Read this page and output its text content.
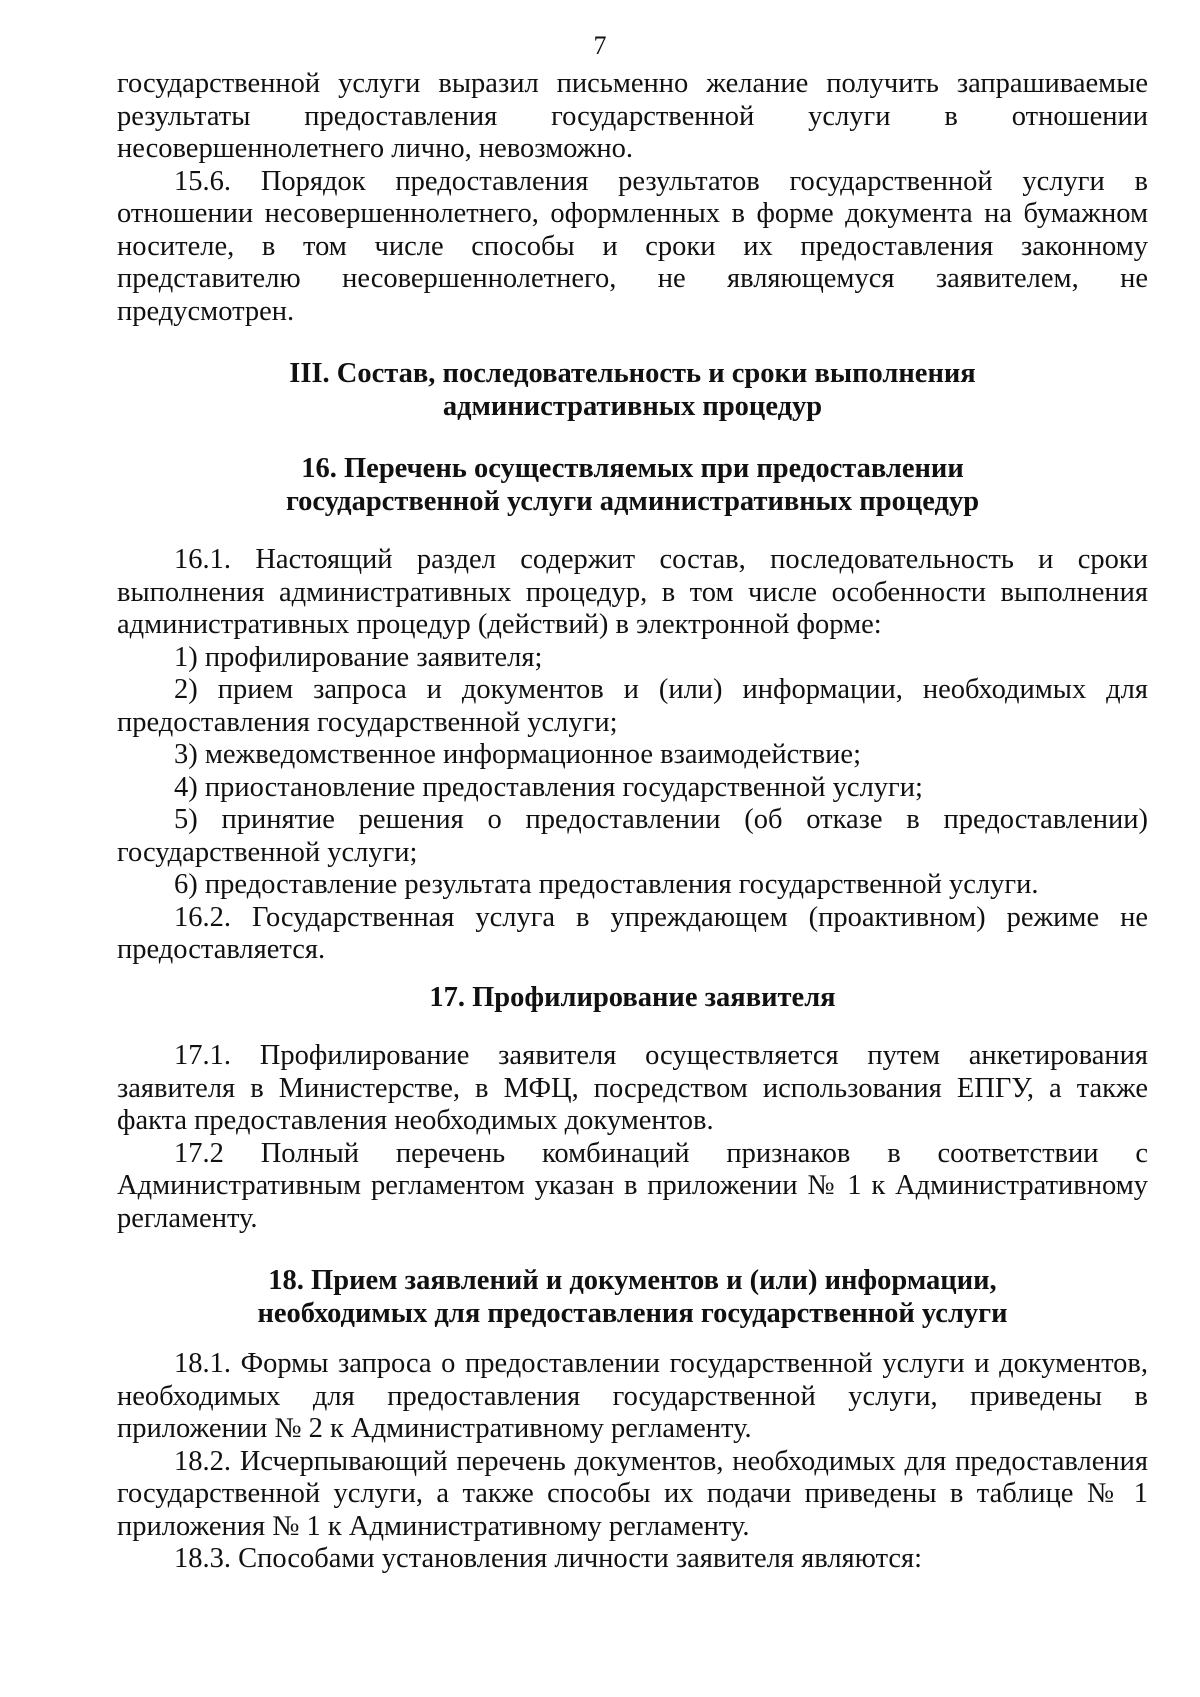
7

государственной услуги выразил письменно желание получить запрашиваемые результаты предоставления государственной услуги в отношении несовершеннолетнего лично, невозможно.

15.6. Порядок предоставления результатов государственной услуги в отношении несовершеннолетнего, оформленных в форме документа на бумажном носителе, в том числе способы и сроки их предоставления законному представителю несовершеннолетнего, не являющемуся заявителем, не предусмотрен.

III. Состав, последовательность и сроки выполнения
административных процедур
16. Перечень осуществляемых при предоставлении
государственной услуги административных процедур

16.1. Настоящий раздел содержит состав, последовательность и сроки выполнения административных процедур, в том числе особенности выполнения административных процедур (действий) в электронной форме:

1) профилирование заявителя;

2) прием запроса и документов и (или) информации, необходимых для предоставления государственной услуги;

3) межведомственное информационное взаимодействие;

4) приостановление предоставления государственной услуги;

5) принятие решения о предоставлении (об отказе в предоставлении) государственной услуги;

6) предоставление результата предоставления государственной услуги.

16.2. Государственная услуга в упреждающем (проактивном) режиме не предоставляется.

17. Профилирование заявителя

17.1. Профилирование заявителя осуществляется путем анкетирования заявителя в Министерстве, в МФЦ, посредством использования ЕПГУ, а также факта предоставления необходимых документов.

17.2 Полный перечень комбинаций признаков в соответствии с Административным регламентом указан в приложении № 1 к Административному регламенту.

18. Прием заявлений и документов и (или) информации,
необходимых для предоставления государственной услуги

18.1. Формы запроса о предоставлении государственной услуги и документов, необходимых для предоставления государственной услуги, приведены в приложении № 2 к Административному регламенту.

18.2. Исчерпывающий перечень документов, необходимых для предоставления государственной услуги, а также способы их подачи приведены в таблице № 1 приложения № 1 к Административному регламенту.

18.3. Способами установления личности заявителя являются:
